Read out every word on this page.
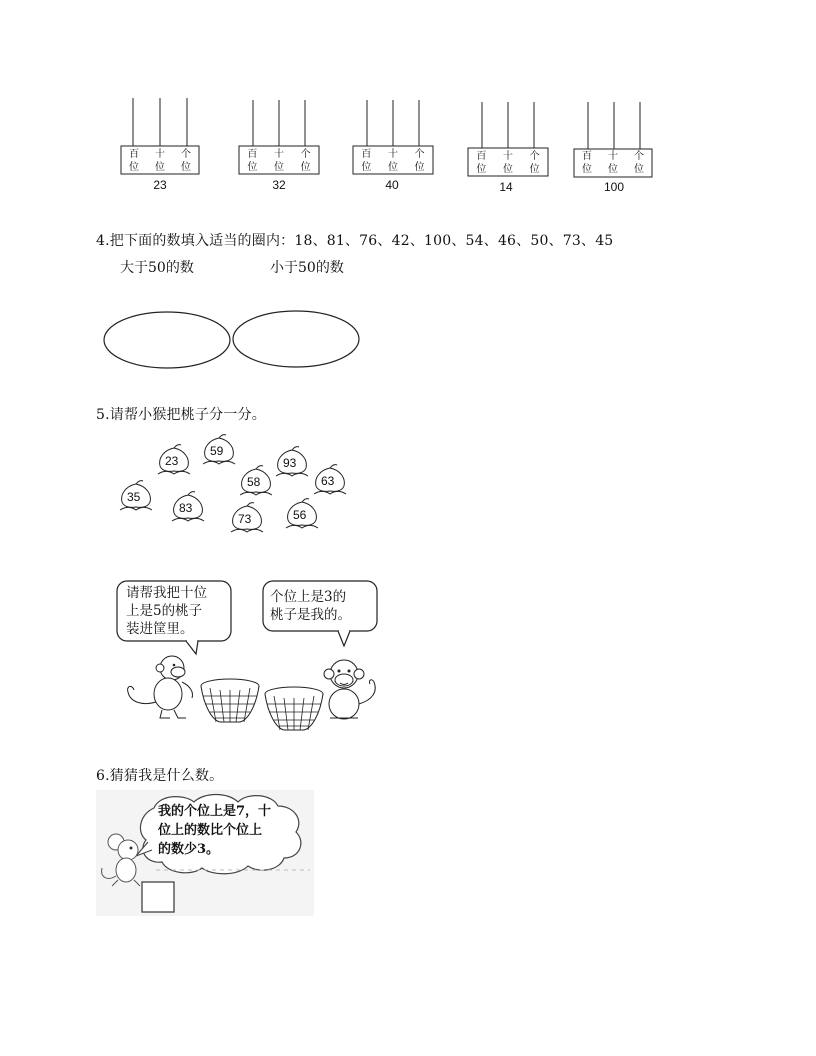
百位
十位
个位
23
百位
十位
个位
32
百位
十位
个位
40
百位
十位
个位
14
百位
十位
个位
100
4.把下面的数填入适当的圈内：18、81、76、42、100、54、46、50、73、45
大于50的数	小于50的数
5.请帮小猴把桃子分一分。
23
59
93
58	63
35
83
73	56
请帮我把十位
上是5的桃子
装进筐里。
个位上是3的
桃子是我的。
6.猜猜我是什么数。
我的个位上是7，十
位上的数比个位上
的数少3。
